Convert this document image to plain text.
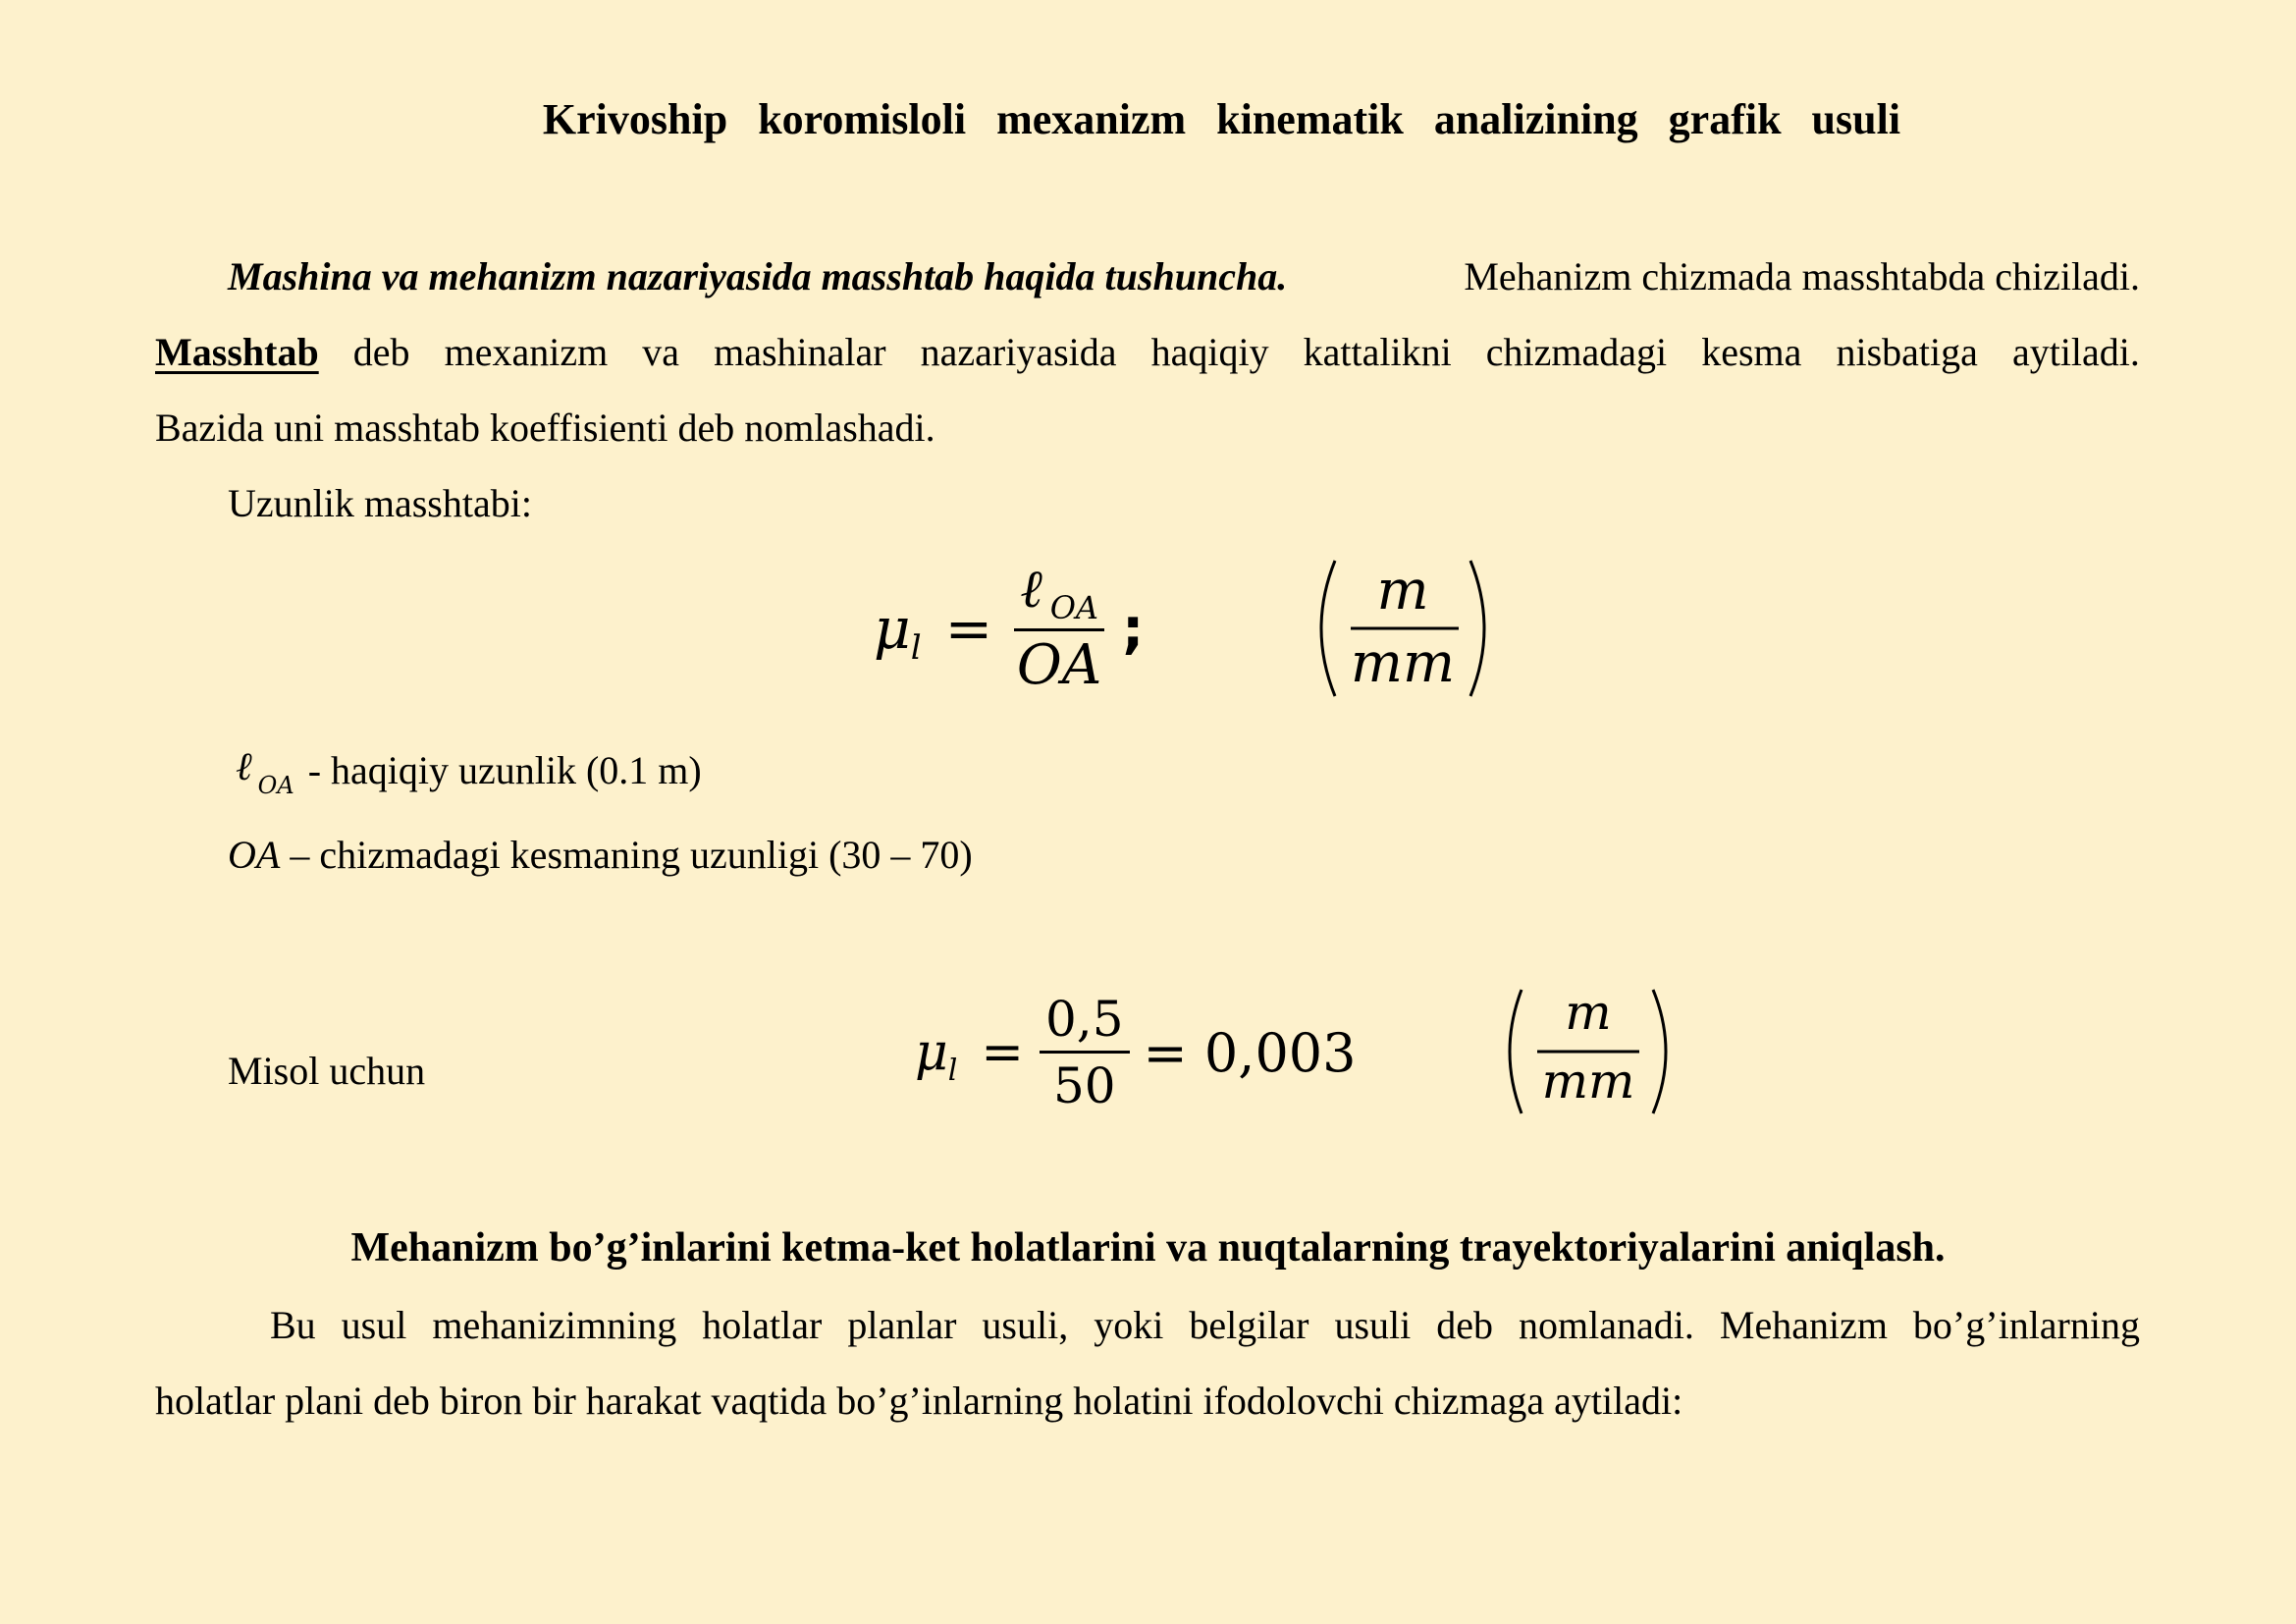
Krivoship koromisloli mexanizm kinematik analizining grafik usuli
Mashina va mehanizm nazariyasida masshtab haqida tushuncha.	Mehanizm chizmada masshtabda chiziladi.
Masshtab deb mexanizm va mashinalar nazariyasida haqiqiy kattalikni chizmadagi kesma nisbatiga aytiladi.
Bazida uni masshtab koeffisienti deb nomlashadi.
Uzunlik masshtabi:
μ $l = \frac{\ell _{OA}}{OA}$ ;
m
mm
ℓ $_{OA}$ - haqiqiy uzunlik (0.1 m)
OA – chizmadagi kesmaning uzunligi (30 – 70)
Misol uchun	μ $l = \frac{0,5}{50} = 0,003$
m
mm
Mehanizm bo’g’inlarini ketma-ket holatlarini va nuqtalarning trayektoriyalarini aniqlash.
Bu usul mehanizimning holatlar planlar usuli, yoki belgilar usuli deb nomlanadi. Mehanizm bo’g’inlarning
holatlar plani deb biron bir harakat vaqtida bo’g’inlarning holatini ifodolovchi chizmaga aytiladi:
